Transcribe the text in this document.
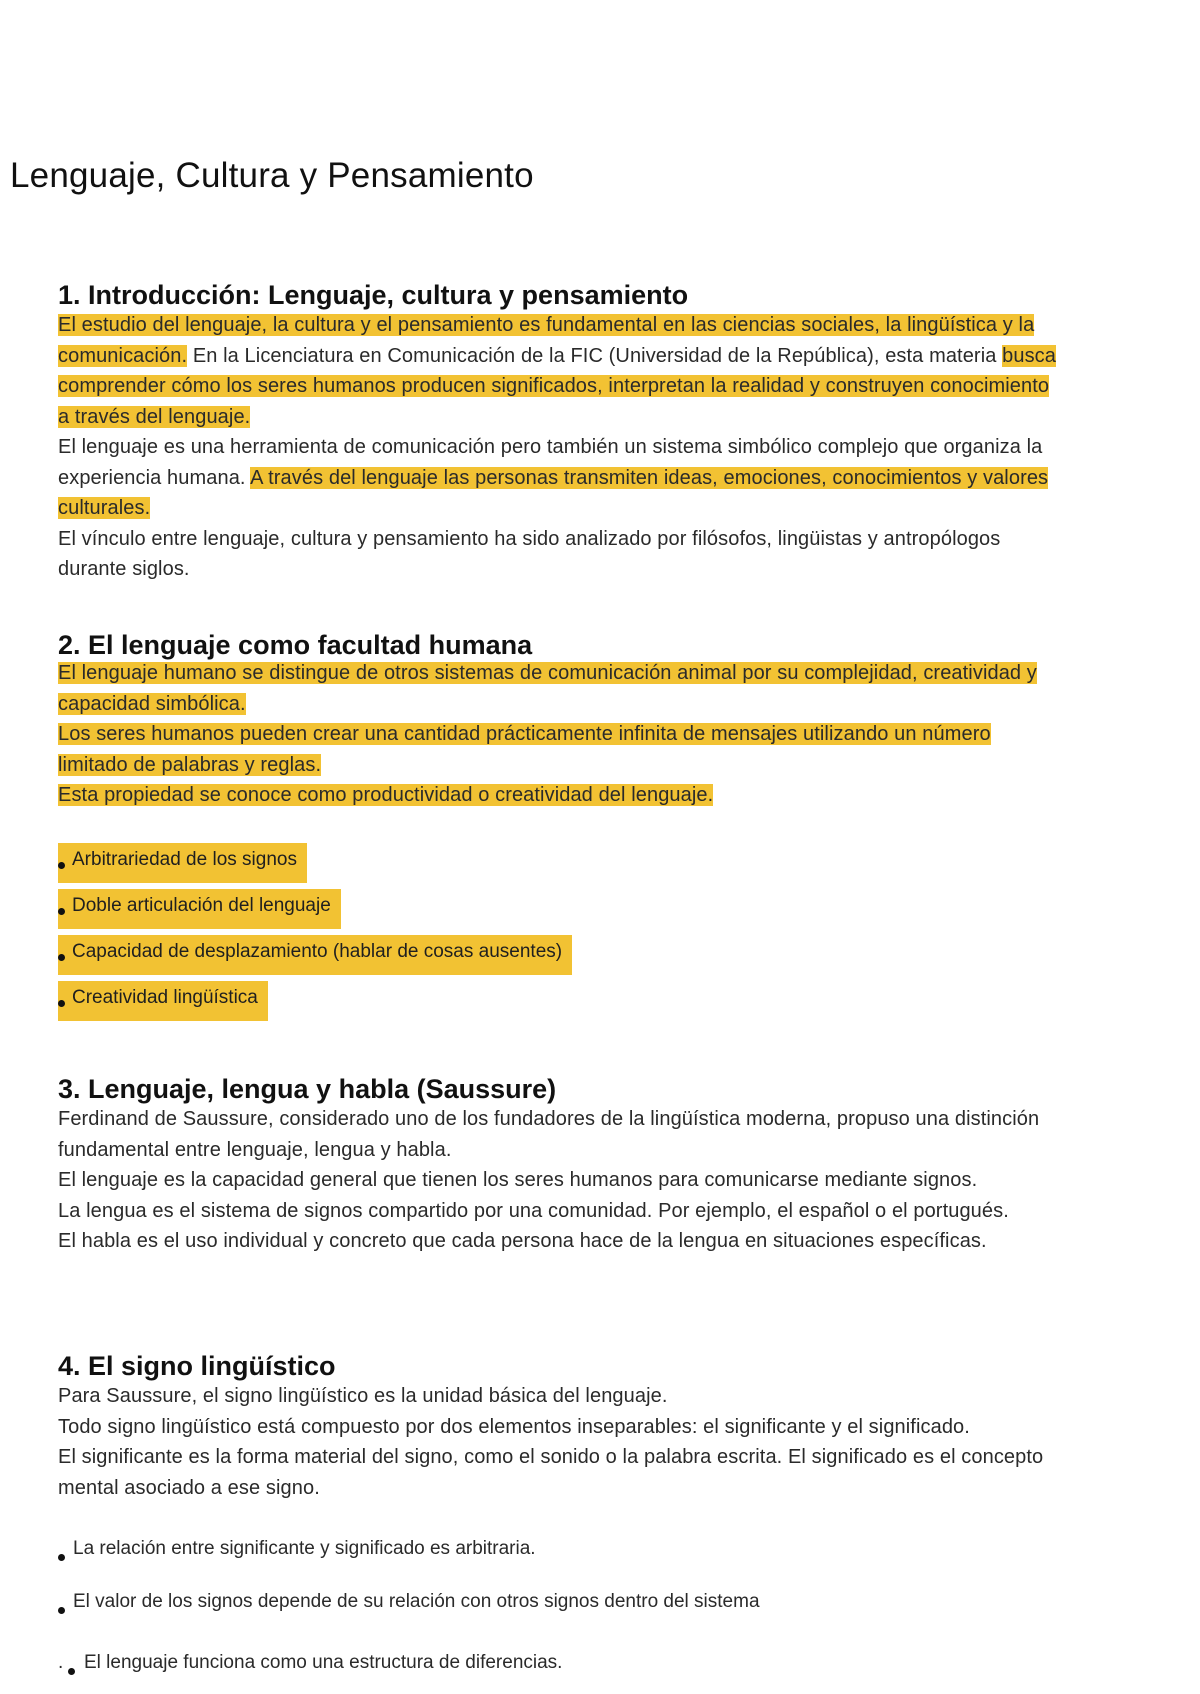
Lenguaje, Cultura y Pensamiento
1. Introducción: Lenguaje, cultura y pensamiento
El estudio del lenguaje, la cultura y el pensamiento es fundamental en las ciencias sociales, la lingüística y la comunicación. En la Licenciatura en Comunicación de la FIC (Universidad de la República), esta materia busca comprender cómo los seres humanos producen significados, interpretan la realidad y construyen conocimiento a través del lenguaje.
El lenguaje es una herramienta de comunicación pero también un sistema simbólico complejo que organiza la experiencia humana. A través del lenguaje las personas transmiten ideas, emociones, conocimientos y valores culturales.
El vínculo entre lenguaje, cultura y pensamiento ha sido analizado por filósofos, lingüistas y antropólogos durante siglos.
2. El lenguaje como facultad humana
El lenguaje humano se distingue de otros sistemas de comunicación animal por su complejidad, creatividad y capacidad simbólica.
Los seres humanos pueden crear una cantidad prácticamente infinita de mensajes utilizando un número limitado de palabras y reglas.
Esta propiedad se conoce como productividad o creatividad del lenguaje.
Arbitrariedad de los signos
Doble articulación del lenguaje
Capacidad de desplazamiento (hablar de cosas ausentes)
Creatividad lingüística
3. Lenguaje, lengua y habla (Saussure)
Ferdinand de Saussure, considerado uno de los fundadores de la lingüística moderna, propuso una distinción fundamental entre lenguaje, lengua y habla.
El lenguaje es la capacidad general que tienen los seres humanos para comunicarse mediante signos.
La lengua es el sistema de signos compartido por una comunidad. Por ejemplo, el español o el portugués.
El habla es el uso individual y concreto que cada persona hace de la lengua en situaciones específicas.
4. El signo lingüístico
Para Saussure, el signo lingüístico es la unidad básica del lenguaje.
Todo signo lingüístico está compuesto por dos elementos inseparables: el significante y el significado.
El significante es la forma material del signo, como el sonido o la palabra escrita. El significado es el concepto mental asociado a ese signo.
La relación entre significante y significado es arbitraria.
El valor de los signos depende de su relación con otros signos dentro del sistema
. El lenguaje funciona como una estructura de diferencias.
